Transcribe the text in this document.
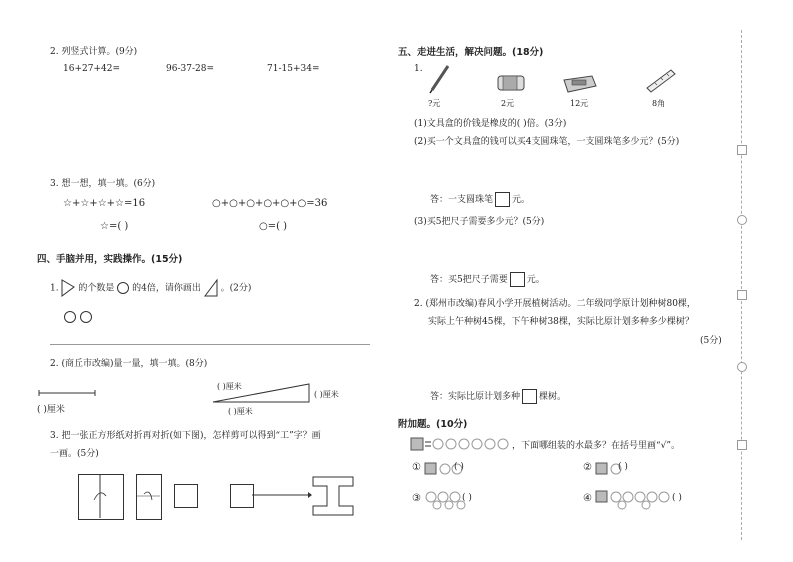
2. 列竖式计算。(9分)
16+27+42=	96-37-28=	71-15+34=
3. 想一想，填一填。(6分)
☆+☆+☆+☆=16	○+○+○+○+○+○=36
☆=( )	○=( )
四、手脑并用，实践操作。(15分)
1. 的个数是 的4倍，请你画出 。(2分)
2. (商丘市改编)量一量，填一填。(8分)
( )厘米
( )厘米
( )厘米
( )厘米
3. 把一张正方形纸对折再对折(如下图)，怎样剪可以得到“工”字？画
一画。(5分)
五、走进生活，解决问题。(18分)
1.
?元	2元	12元	8角
(1)文具盒的价钱是橡皮的( )倍。(3分)
(2)买一个文具盒的钱可以买4支圆珠笔，一支圆珠笔多少元？(5分)
答：一支圆珠笔 元。
(3)买5把尺子需要多少元？(5分)
答：买5把尺子需要 元。
2. (郑州市改编)春风小学开展植树活动。二年级同学原计划种树80棵，
实际上午种树45棵，下午种树38棵，实际比原计划多种多少棵树？
(5分)
答：实际比原计划多种 棵树。
附加题。(10分)
，下面哪组装的水最多？在括号里画“√”。
①	( )	②	( )
③	( )	④	( )
